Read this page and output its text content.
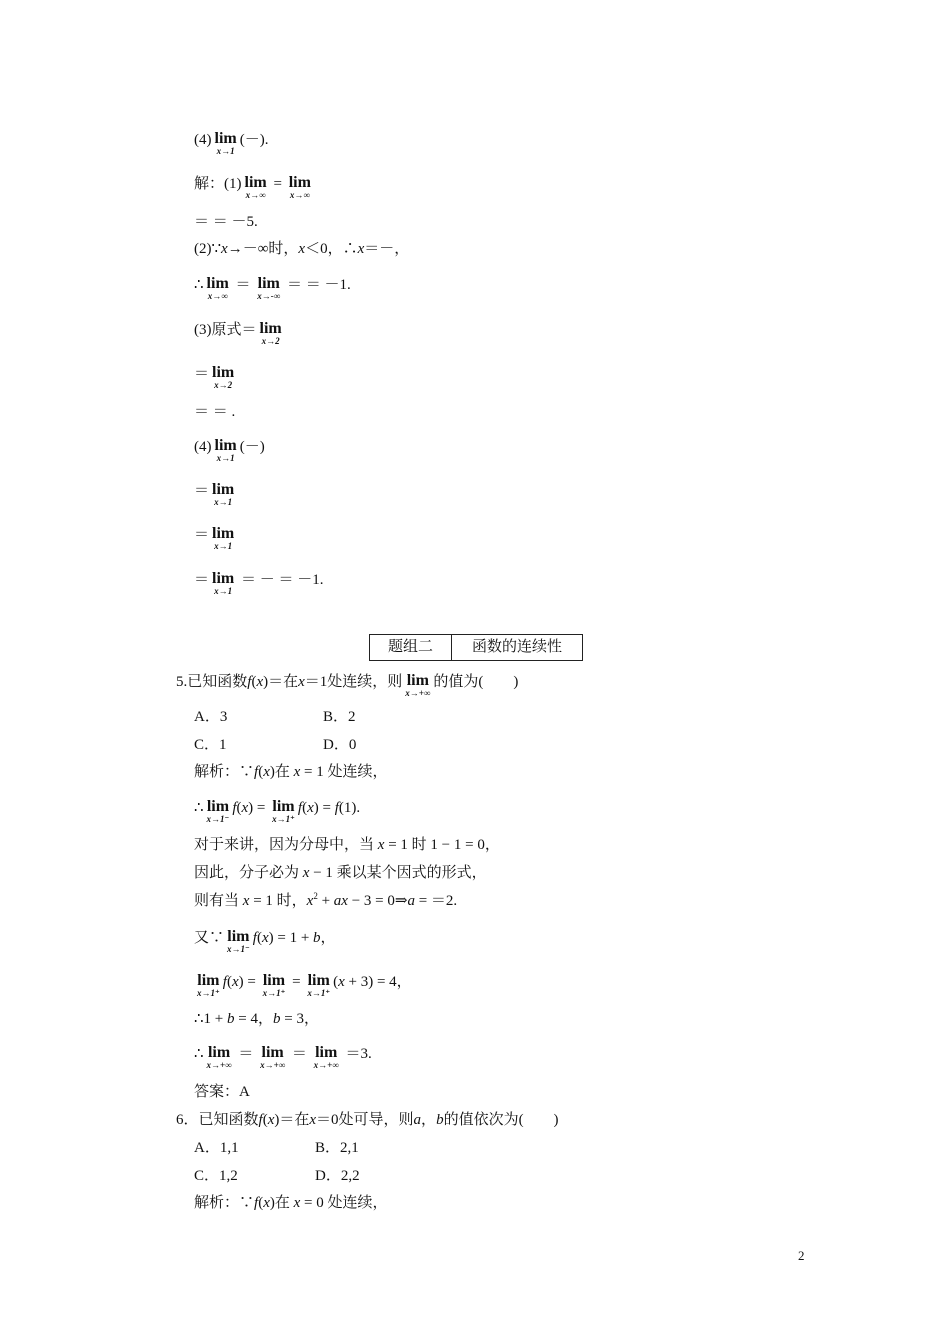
(4) lim
x→1
(－).
解：(1) lim
x→∞
= lim
x→∞
＝ ＝ －5.
(2)∵x→－∞时，x＜0，∴x＝－，
∴ lim
x→∞
＝ lim
x→-∞
＝ ＝ －1.
(3)原式＝ lim
x→2
＝ lim
x→2
＝ ＝ .
(4) lim
x→1
(－)
＝ lim
x→1
＝ lim
x→1
＝ lim
x→1
＝ － ＝ －1.
5.已知函数f(x)＝在x＝1处连续，则 lim
x→+∞
的值为(　　)
A．3	B．2
C．1	D．0
解析：∵f(x)在 x = 1 处连续，
∴ lim
x→1⁻
f(x) = lim
x→1⁺
f(x) = f(1).
对于来讲，因为分母中，当 x = 1 时 1 − 1 = 0，
因此，分子必为 x − 1 乘以某个因式的形式，
则有当 x = 1 时，$x^2$ + ax − 3 = 0⇒a = ＝2.
又∵ lim
x→1⁻
f(x) = 1 + b，
lim
x→1⁺
f(x) = lim
x→1⁺
= lim
x→1⁺
(x + 3) = 4，
∴1 + b = 4，b = 3，
∴ lim
x→+∞
＝ lim
x→+∞
＝ lim
x→+∞
＝3.
答案：A
6．已知函数f(x)＝在x＝0处可导，则a，b的值依次为(　　)
A．1,1	B．2,1
C．1,2	D．2,2
解析：∵f(x)在 x = 0 处连续，
题组二	函数的连续性
2
